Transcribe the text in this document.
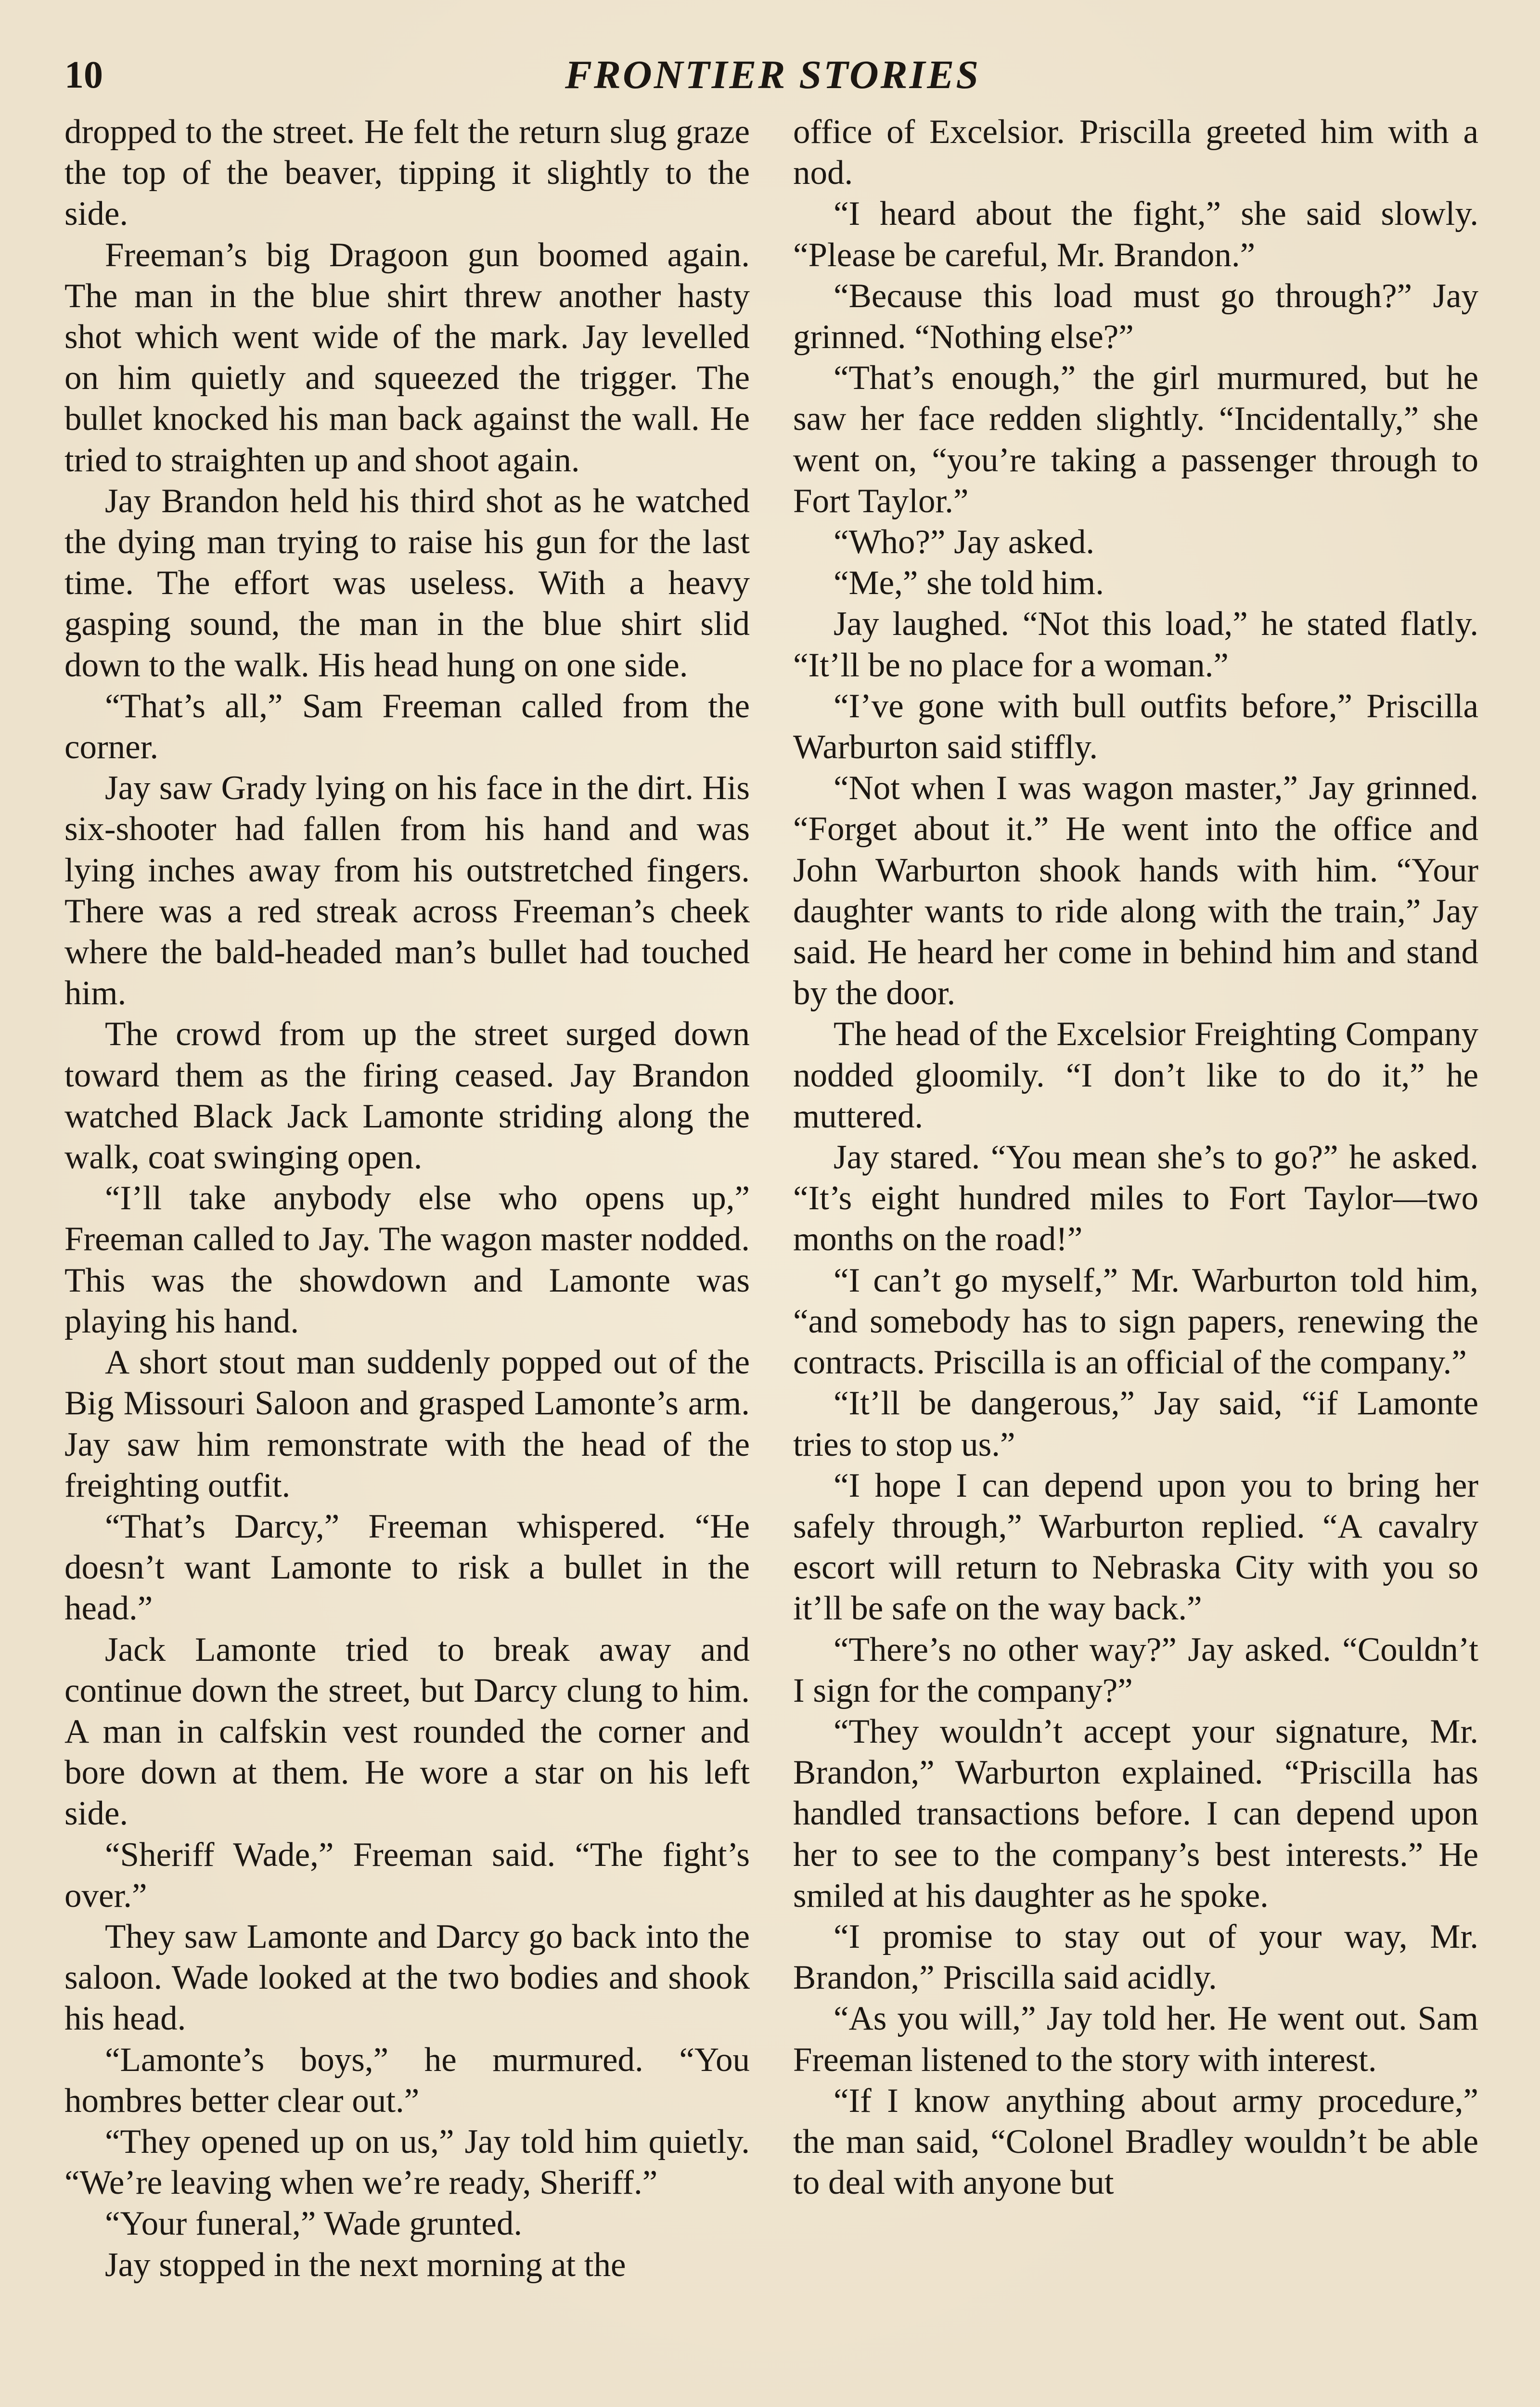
10	FRONTIER STORIES

dropped to the street. He felt the return slug graze the top of the beaver, tipping it slightly to the side.

Freeman’s big Dragoon gun boomed again. The man in the blue shirt threw another hasty shot which went wide of the mark. Jay levelled on him quietly and squeezed the trigger. The bullet knocked his man back against the wall. He tried to straighten up and shoot again.

Jay Brandon held his third shot as he watched the dying man trying to raise his gun for the last time. The effort was useless. With a heavy gasping sound, the man in the blue shirt slid down to the walk. His head hung on one side.

“That’s all,” Sam Freeman called from the corner.

Jay saw Grady lying on his face in the dirt. His six-shooter had fallen from his hand and was lying inches away from his outstretched fingers. There was a red streak across Freeman’s cheek where the bald-headed man’s bullet had touched him.

The crowd from up the street surged down toward them as the firing ceased. Jay Brandon watched Black Jack Lamonte striding along the walk, coat swinging open.

“I’ll take anybody else who opens up,” Freeman called to Jay. The wagon master nodded. This was the showdown and Lamonte was playing his hand.

A short stout man suddenly popped out of the Big Missouri Saloon and grasped Lamonte’s arm. Jay saw him remonstrate with the head of the freighting outfit.

“That’s Darcy,” Freeman whispered. “He doesn’t want Lamonte to risk a bullet in the head.”

Jack Lamonte tried to break away and continue down the street, but Darcy clung to him. A man in calfskin vest rounded the corner and bore down at them. He wore a star on his left side.

“Sheriff Wade,” Freeman said. “The fight’s over.”

They saw Lamonte and Darcy go back into the saloon. Wade looked at the two bodies and shook his head.

“Lamonte’s boys,” he murmured. “You hombres better clear out.”

“They opened up on us,” Jay told him quietly. “We’re leaving when we’re ready, Sheriff.”

“Your funeral,” Wade grunted.

Jay stopped in the next morning at the

office of Excelsior. Priscilla greeted him with a nod.

“I heard about the fight,” she said slowly. “Please be careful, Mr. Brandon.”

“Because this load must go through?” Jay grinned. “Nothing else?”

“That’s enough,” the girl murmured, but he saw her face redden slightly. “Incidentally,” she went on, “you’re taking a passenger through to Fort Taylor.”

“Who?” Jay asked.

“Me,” she told him.

Jay laughed. “Not this load,” he stated flatly. “It’ll be no place for a woman.”

“I’ve gone with bull outfits before,” Priscilla Warburton said stiffly.

“Not when I was wagon master,” Jay grinned. “Forget about it.” He went into the office and John Warburton shook hands with him. “Your daughter wants to ride along with the train,” Jay said. He heard her come in behind him and stand by the door.

The head of the Excelsior Freighting Company nodded gloomily. “I don’t like to do it,” he muttered.

Jay stared. “You mean she’s to go?” he asked. “It’s eight hundred miles to Fort Taylor—two months on the road!”

“I can’t go myself,” Mr. Warburton told him, “and somebody has to sign papers, renewing the contracts. Priscilla is an official of the company.”

“It’ll be dangerous,” Jay said, “if Lamonte tries to stop us.”

“I hope I can depend upon you to bring her safely through,” Warburton replied. “A cavalry escort will return to Nebraska City with you so it’ll be safe on the way back.”

“There’s no other way?” Jay asked. “Couldn’t I sign for the company?”

“They wouldn’t accept your signature, Mr. Brandon,” Warburton explained. “Priscilla has handled transactions before. I can depend upon her to see to the company’s best interests.” He smiled at his daughter as he spoke.

“I promise to stay out of your way, Mr. Brandon,” Priscilla said acidly.

“As you will,” Jay told her. He went out. Sam Freeman listened to the story with interest.

“If I know anything about army procedure,” the man said, “Colonel Bradley wouldn’t be able to deal with anyone but
